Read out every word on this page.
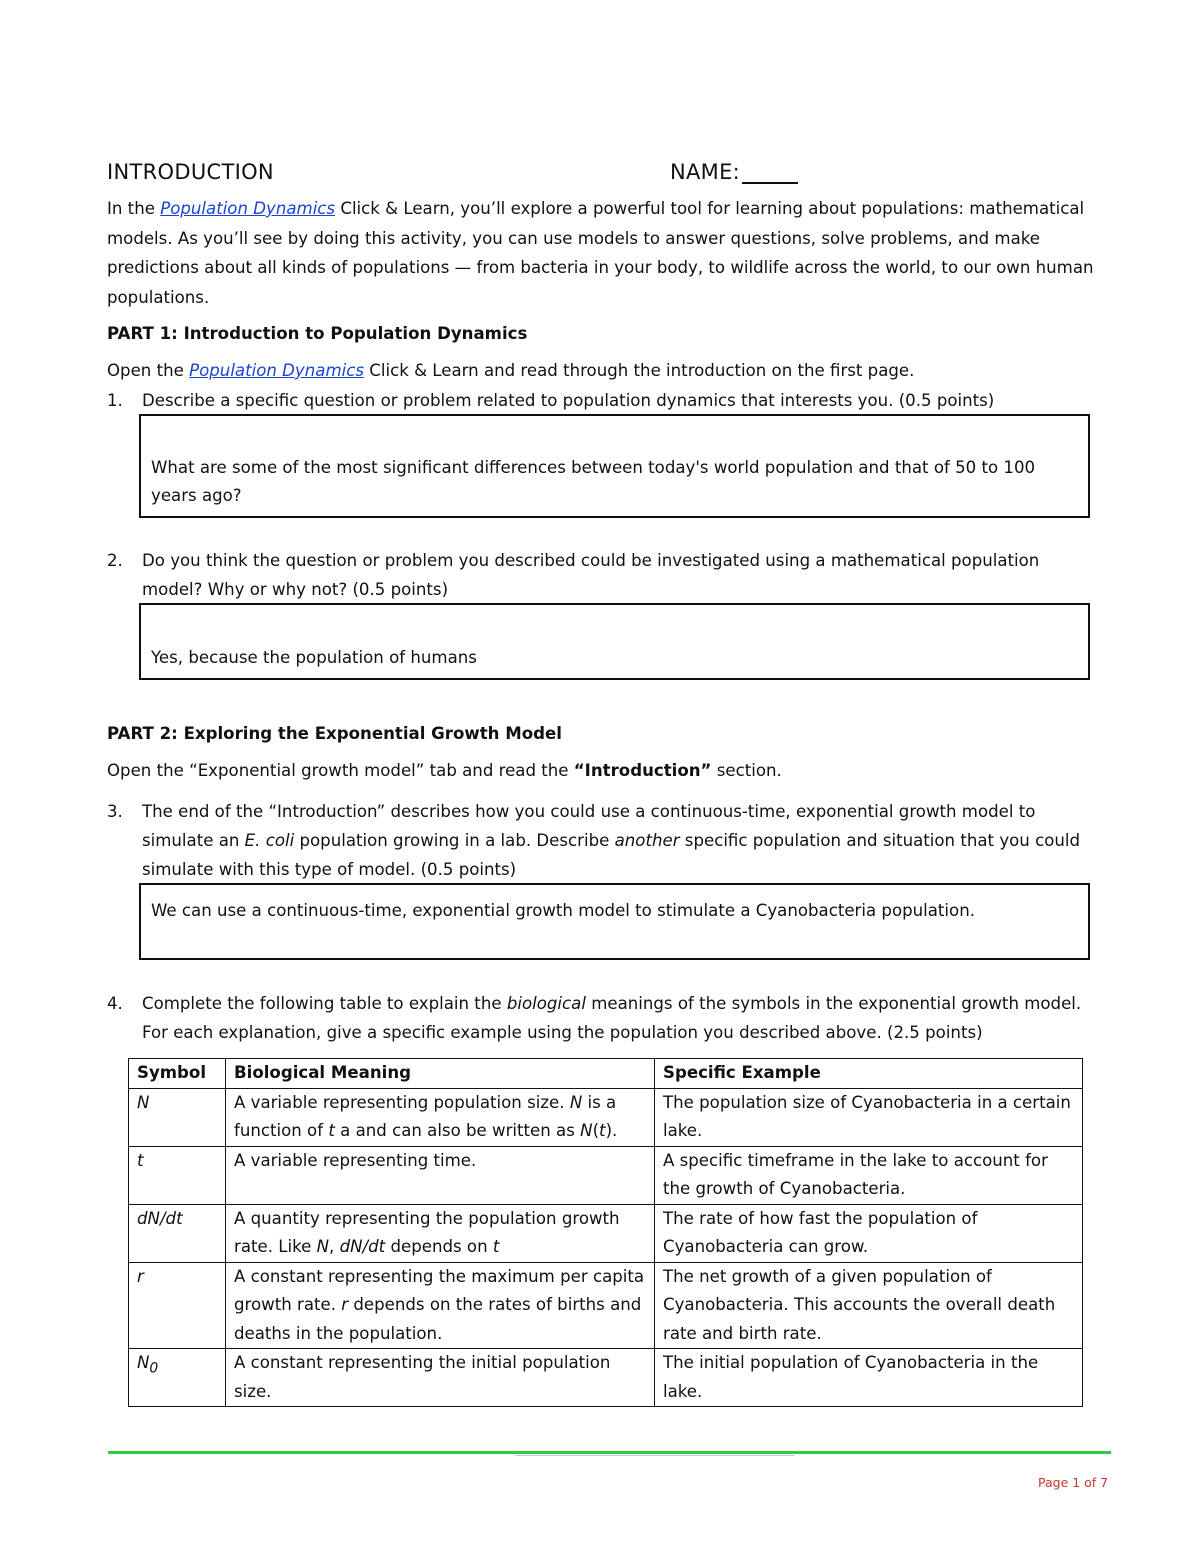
INTRODUCTION	NAME:
In the Population Dynamics Click & Learn, you’ll explore a powerful tool for learning about populations: mathematical models. As you’ll see by doing this activity, you can use models to answer questions, solve problems, and make predictions about all kinds of populations — from bacteria in your body, to wildlife across the world, to our own human populations.
PART 1: Introduction to Population Dynamics
Open the Population Dynamics Click & Learn and read through the introduction on the first page.
1. Describe a specific question or problem related to population dynamics that interests you. (0.5 points)
What are some of the most significant differences between today's world population and that of 50 to 100
years ago?
2. Do you think the question or problem you described could be investigated using a mathematical population model? Why or why not? (0.5 points)
Yes, because the population of humans
PART 2: Exploring the Exponential Growth Model
Open the “Exponential growth model” tab and read the “Introduction” section.
3. The end of the “Introduction” describes how you could use a continuous-time, exponential growth model to simulate an E. coli population growing in a lab. Describe another specific population and situation that you could simulate with this type of model. (0.5 points)
We can use a continuous-time, exponential growth model to stimulate a Cyanobacteria population.
4. Complete the following table to explain the biological meanings of the symbols in the exponential growth model. For each explanation, give a specific example using the population you described above. (2.5 points)
Symbol	Biological Meaning	Specific Example
N	A variable representing population size. N is a function of t a and can also be written as N(t).	The population size of Cyanobacteria in a certain lake.
t	A variable representing time.	A specific timeframe in the lake to account for the growth of Cyanobacteria.
dN/dt	A quantity representing the population growth rate. Like N, dN/dt depends on t	The rate of how fast the population of Cyanobacteria can grow.
r	A constant representing the maximum per capita growth rate. r depends on the rates of births and deaths in the population.	The net growth of a given population of Cyanobacteria. This accounts the overall death rate and birth rate.
$N_0$	A constant representing the initial population size.	The initial population of Cyanobacteria in the lake.
Page 1 of 7
